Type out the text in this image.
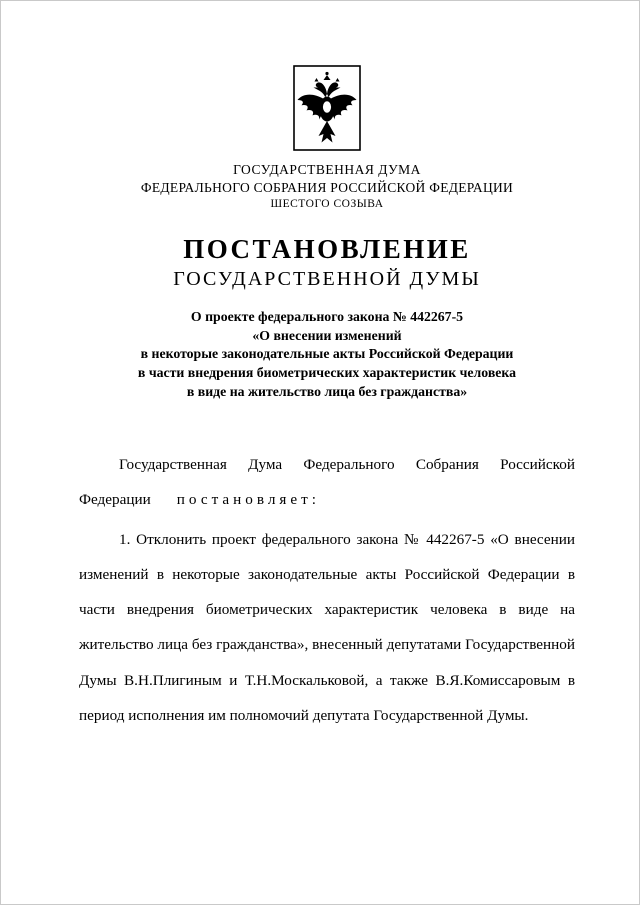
ГОСУДАРСТВЕННАЯ ДУМА
ФЕДЕРАЛЬНОГО СОБРАНИЯ РОССИЙСКОЙ ФЕДЕРАЦИИ
ШЕСТОГО СОЗЫВА
ПОСТАНОВЛЕНИЕ
ГОСУДАРСТВЕННОЙ ДУМЫ
О проекте федерального закона № 442267-5
«О внесении изменений
в некоторые законодательные акты Российской Федерации
в части внедрения биометрических характеристик человека
в виде на жительство лица без гражданства»

Государственная Дума Федерального Собрания Российской Федерации постановляет:

1. Отклонить проект федерального закона № 442267-5 «О внесении изменений в некоторые законодательные акты Российской Федерации в части внедрения биометрических характеристик человека в виде на жительство лица без гражданства», внесенный депутатами Государственной Думы В.Н.Плигиным и Т.Н.Москальковой, а также В.Я.Комиссаровым в период исполнения им полномочий депутата Государственной Думы.
